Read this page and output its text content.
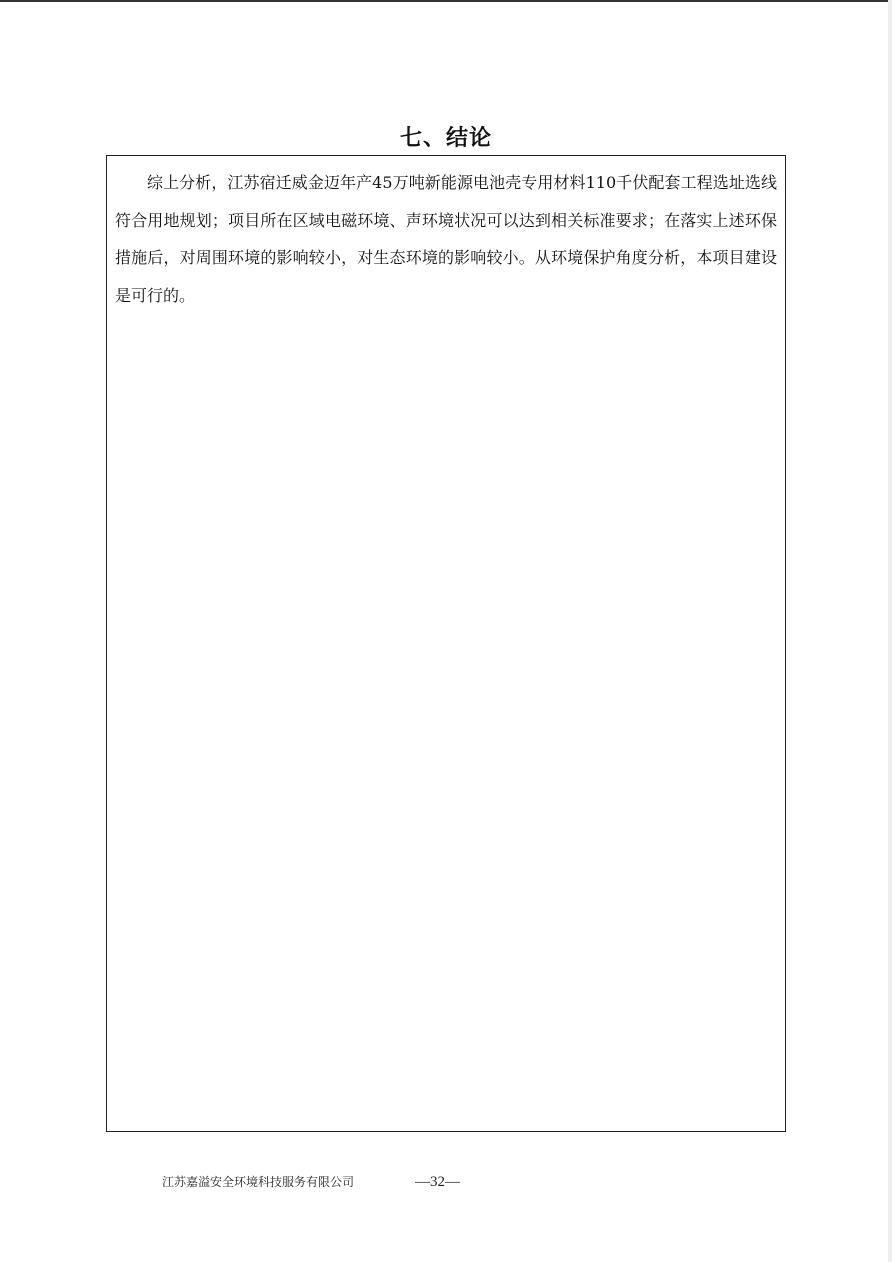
七、结论

综上分析，江苏宿迁威金迈年产45万吨新能源电池壳专用材料110千伏配套工程选址选线符合用地规划；项目所在区域电磁环境、声环境状况可以达到相关标准要求；在落实上述环保措施后，对周围环境的影响较小，对生态环境的影响较小。从环境保护角度分析，本项目建设是可行的。

江苏嘉溢安全环境科技服务有限公司	—32—
